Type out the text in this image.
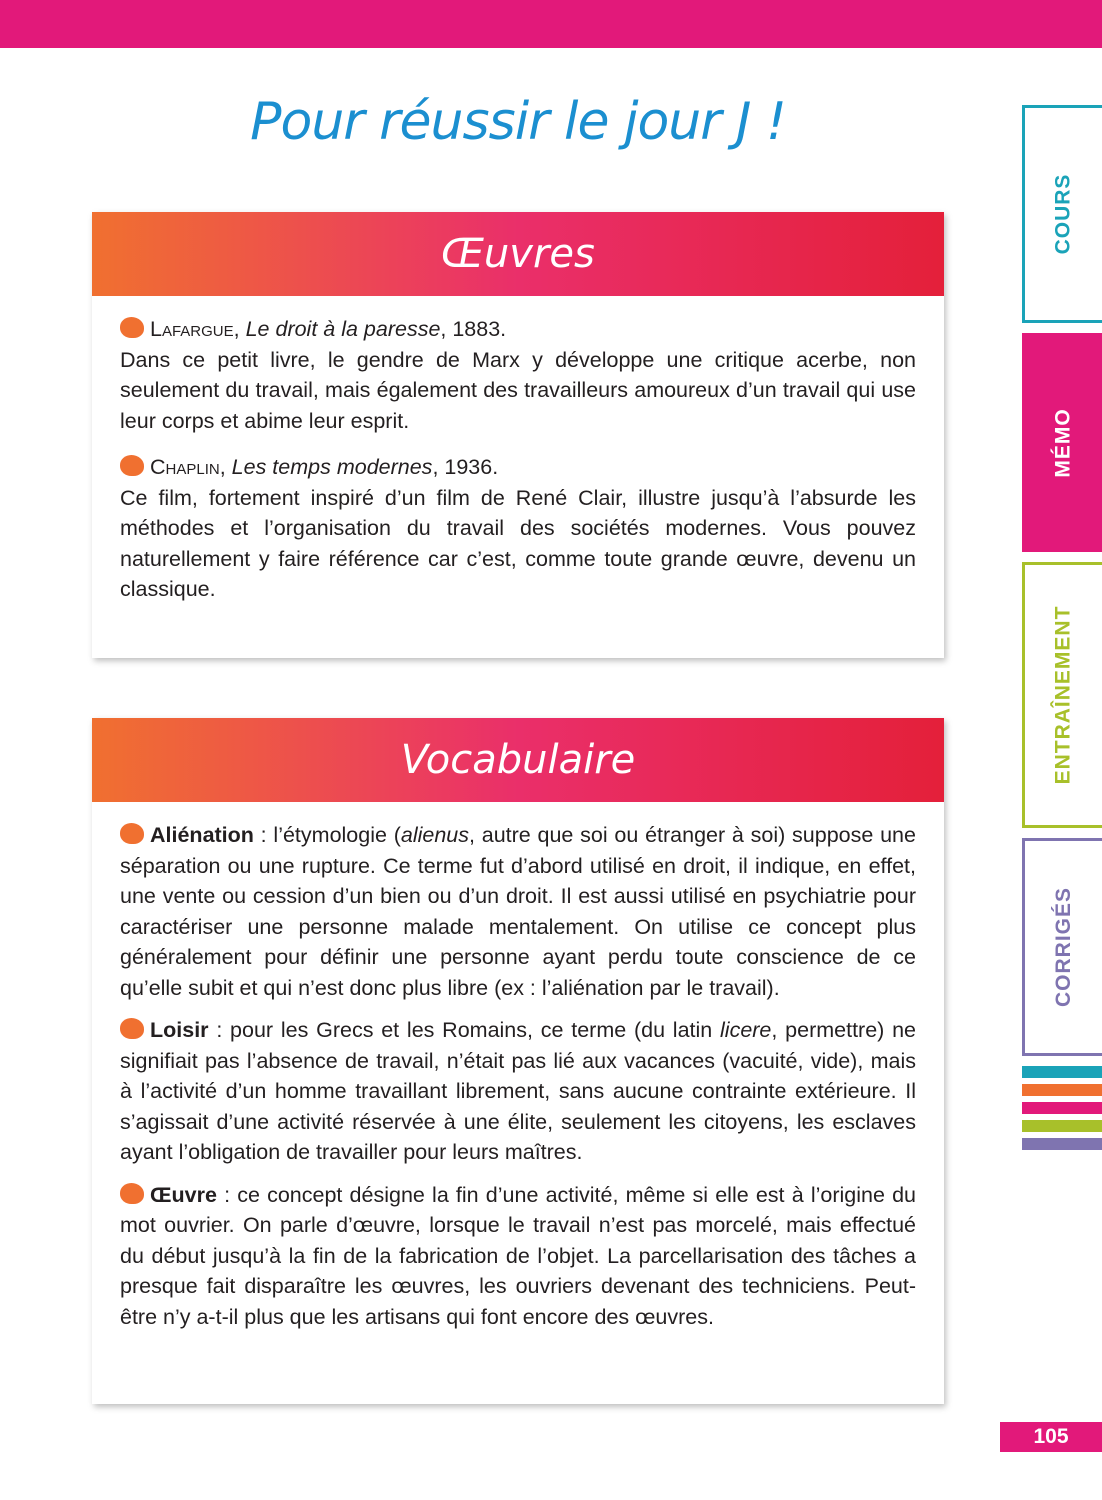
Pour réussir le jour J !
Œuvres
Lafargue, Le droit à la paresse, 1883.
Dans ce petit livre, le gendre de Marx y développe une critique acerbe, non seulement du travail, mais également des travailleurs amoureux d’un travail qui use leur corps et abime leur esprit.
Chaplin, Les temps modernes, 1936.
Ce film, fortement inspiré d’un film de René Clair, illustre jusqu’à l’absurde les méthodes et l’organisation du travail des sociétés modernes. Vous pouvez naturellement y faire référence car c’est, comme toute grande œuvre, devenu un classique.
Vocabulaire
Aliénation : l’étymologie (alienus, autre que soi ou étranger à soi) suppose une séparation ou une rupture. Ce terme fut d’abord utilisé en droit, il indique, en effet, une vente ou cession d’un bien ou d’un droit. Il est aussi utilisé en psychiatrie pour caractériser une personne malade mentalement. On utilise ce concept plus généralement pour définir une personne ayant perdu toute conscience de ce qu’elle subit et qui n’est donc plus libre (ex : l’aliénation par le travail).
Loisir : pour les Grecs et les Romains, ce terme (du latin licere, permettre) ne signifiait pas l’absence de travail, n’était pas lié aux vacances (vacuité, vide), mais à l’activité d’un homme travaillant librement, sans aucune contrainte extérieure. Il s’agissait d’une activité réservée à une élite, seulement les citoyens, les esclaves ayant l’obligation de travailler pour leurs maîtres.
Œuvre : ce concept désigne la fin d’une activité, même si elle est à l’origine du mot ouvrier. On parle d’œuvre, lorsque le travail n’est pas morcelé, mais effectué du début jusqu’à la fin de la fabrication de l’objet. La parcellarisation des tâches a presque fait disparaître les œuvres, les ouvriers devenant des techniciens. Peut-être n’y a-t-il plus que les artisans qui font encore des œuvres.
COURS
MÉMO
ENTRAÎNEMENT
CORRIGÉS
105
